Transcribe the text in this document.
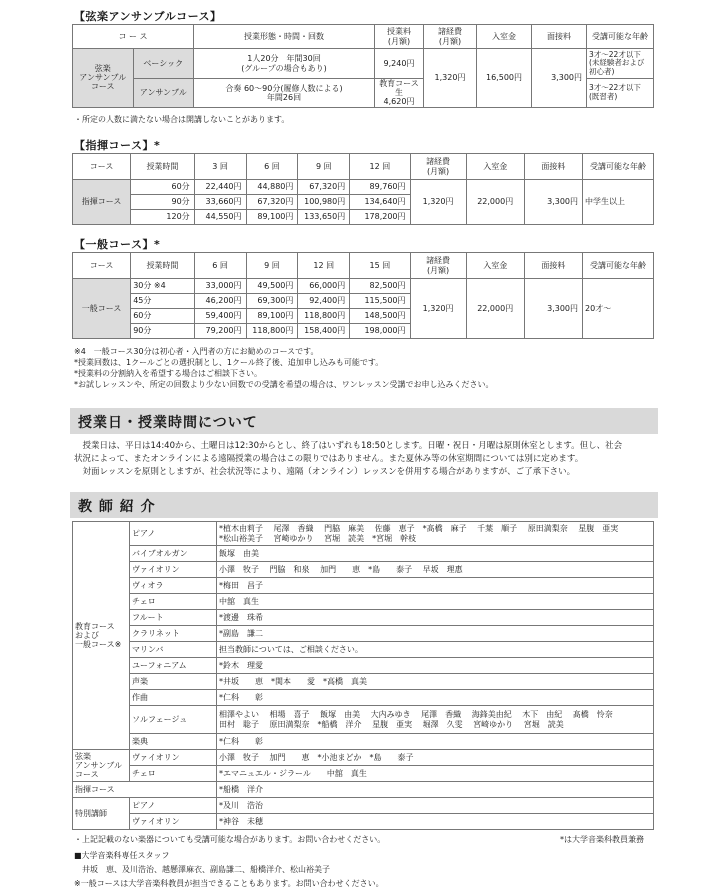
【弦楽アンサンブルコース】
コ ー ス		授業形態・時間・回数	授業料
(月額)	諸経費
(月額)	入室金	面接料	受講可能な年齢
弦楽
アンサンブル
コース	ベーシック	1人20分　年間30回
(グループの場合もあり)	9,240円	1,320円	16,500円	3,300円	3才～22才以下
(未経験者および
初心者)
	アンサンブル	合奏 60～90分(履修人数による)
年間26回	教育コース生
4,620円				3才～22才以下
(既習者)
・所定の人数に満たない場合は開講しないことがあります。
【指揮コース】*
コース	授業時間	3 回	6 回	9 回	12 回	諸経費
(月額)	入室金	面接料	受講可能な年齢
指揮コース	60分	22,440円	44,880円	67,320円	89,760円	1,320円	22,000円	3,300円	中学生以上
	90分	33,660円	67,320円	100,980円	134,640円				
	120分	44,550円	89,100円	133,650円	178,200円				
【一般コース】*
コース	授業時間	6 回	9 回	12 回	15 回	諸経費
(月額)	入室金	面接料	受講可能な年齢
一般コース	30分 ※4	33,000円	49,500円	66,000円	82,500円	1,320円	22,000円	3,300円	20才～
	45分	46,200円	69,300円	92,400円	115,500円				
	60分	59,400円	89,100円	118,800円	148,500円				
	90分	79,200円	118,800円	158,400円	198,000円				
※4　一般コース30分は初心者・入門者の方にお勧めのコースです。
*授業回数は、1クールごとの選択制とし、1クール終了後、追加申し込みも可能です。
*授業料の分割納入を希望する場合はご相談下さい。
*お試しレッスンや、所定の回数より少ない回数での受講を希望の場合は、ワンレッスン受講でお申し込みください。
授業日・授業時間について
　授業日は、平日は14:40から、土曜日は12:30からとし、終了はいずれも18:50とします。日曜・祝日・月曜は原則休室とします。但し、社会
状況によって、またオンラインによる遠隔授業の場合はこの限りではありません。また夏休み等の休室期間については別に定めます。
　対面レッスンを原則としますが、社会状況等により、遠隔（オンライン）レッスンを併用する場合がありますが、ご了承下さい。
教 師 紹 介
教育コース
および
一般コース※	ピアノ	*植木由莉子　 尾澤　香織　 門脇　麻美　 佐藤　恵子　*髙橋　麻子　 千葉　順子　 原田満梨奈　 星腹　亜実
*松山裕美子　 宮崎ゆかり　 宮堀　読美　*宮堀　幹枝
	バイブオルガン	飯塚　由美
	ヴァイオリン	小澤　牧子　 門脇　和泉　 加門　　恵　*島　　泰子　 早坂　理惠
	ヴィオラ	*梅田　昌子
	チェロ	中舘　真生
	フルート	*渡邊　珠希
	クラリネット	*副島　謙二
	マリンバ	担当教師については、ご相談ください。
	ユーフォニアム	*鈴木　理愛
	声楽	*井坂　　恵　*関本　　愛　*高橋　真美
	作曲	*仁科　　彰
	ソルフェージュ	相澤やよい　 相場　喜子　 飯塚　由美　 大内みゆき　 尾澤　香織　 海鋒美由紀　 木下　由紀　 髙橋　怜奈
田村　聡子　 原田満梨奈　*船橋　洋介　 星腹　亜実　 堀澤　久雯　 宮崎ゆかり　 宮堀　読美
	楽典	*仁科　　彰
弦楽
アンサンブル
コース	ヴァイオリン	小澤　牧子　 加門　　恵　*小池まどか　*島　　泰子
	チェロ	*エマニュエル・ジラール　　中舘　真生
指揮コース		*船橋　洋介
特別講師	ピアノ	*及川　浩治
	ヴァイオリン	*神谷　未穂
・上記記載のない楽器についても受講可能な場合があります。お問い合わせください。	*は大学音楽科教員兼務
■大学音楽科専任スタッフ
　井坂　恵、及川浩治、越懸澤麻衣、副島謙二、船橋洋介、松山裕美子
※一般コースは大学音楽科教員が担当できることもあります。お問い合わせください。
